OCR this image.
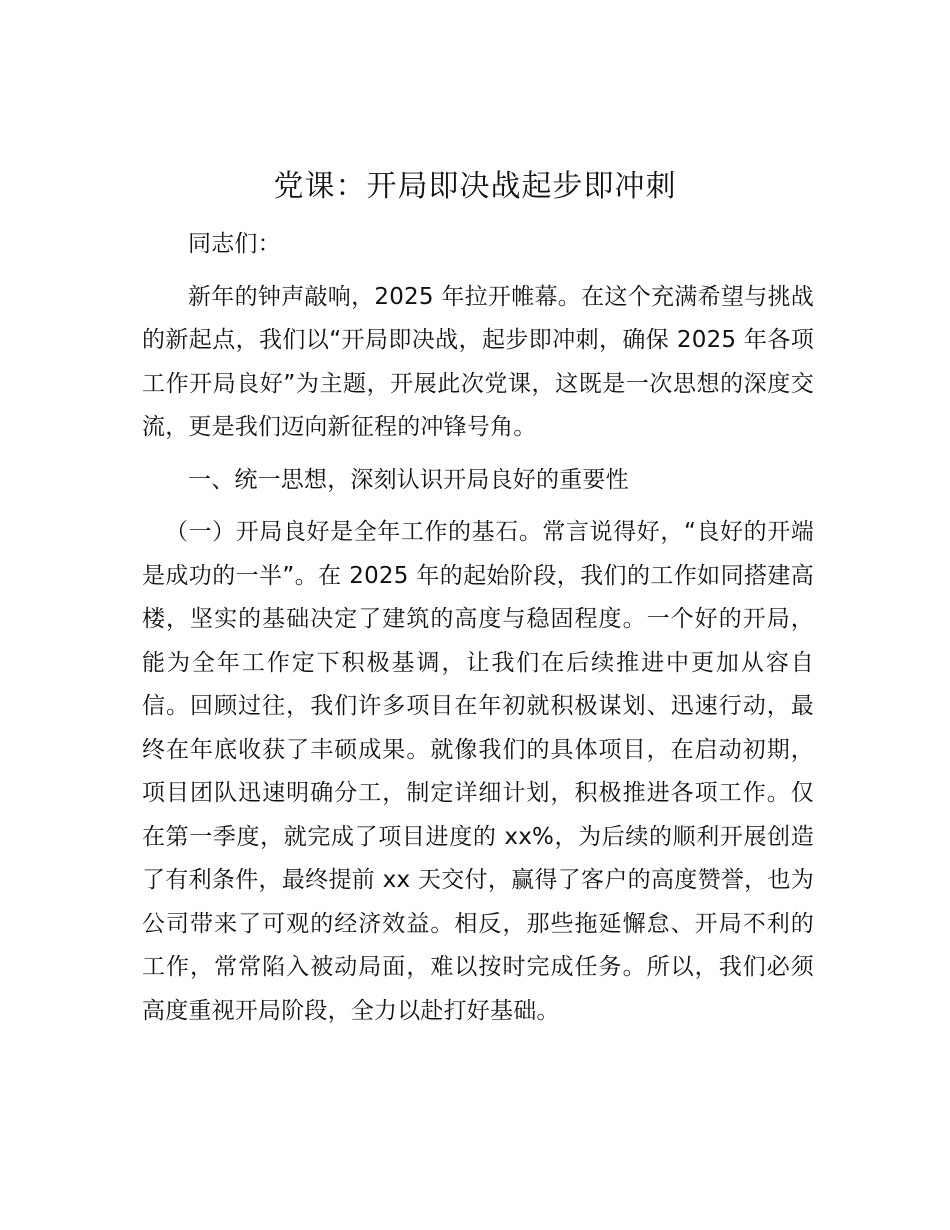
党课：开局即决战起步即冲刺

同志们：

新年的钟声敲响，2025 年拉开帷幕。在这个充满希望与挑战的新起点，我们以“开局即决战，起步即冲刺，确保 2025 年各项工作开局良好”为主题，开展此次党课，这既是一次思想的深度交流，更是我们迈向新征程的冲锋号角。

一、统一思想，深刻认识开局良好的重要性

（一）开局良好是全年工作的基石。常言说得好，“良好的开端是成功的一半”。在 2025 年的起始阶段，我们的工作如同搭建高楼，坚实的基础决定了建筑的高度与稳固程度。一个好的开局，能为全年工作定下积极基调，让我们在后续推进中更加从容自信。回顾过往，我们许多项目在年初就积极谋划、迅速行动，最终在年底收获了丰硕成果。就像我们的具体项目，在启动初期，项目团队迅速明确分工，制定详细计划，积极推进各项工作。仅在第一季度，就完成了项目进度的 xx%，为后续的顺利开展创造了有利条件，最终提前 xx 天交付，赢得了客户的高度赞誉，也为公司带来了可观的经济效益。相反，那些拖延懈怠、开局不利的工作，常常陷入被动局面，难以按时完成任务。所以，我们必须高度重视开局阶段，全力以赴打好基础。
